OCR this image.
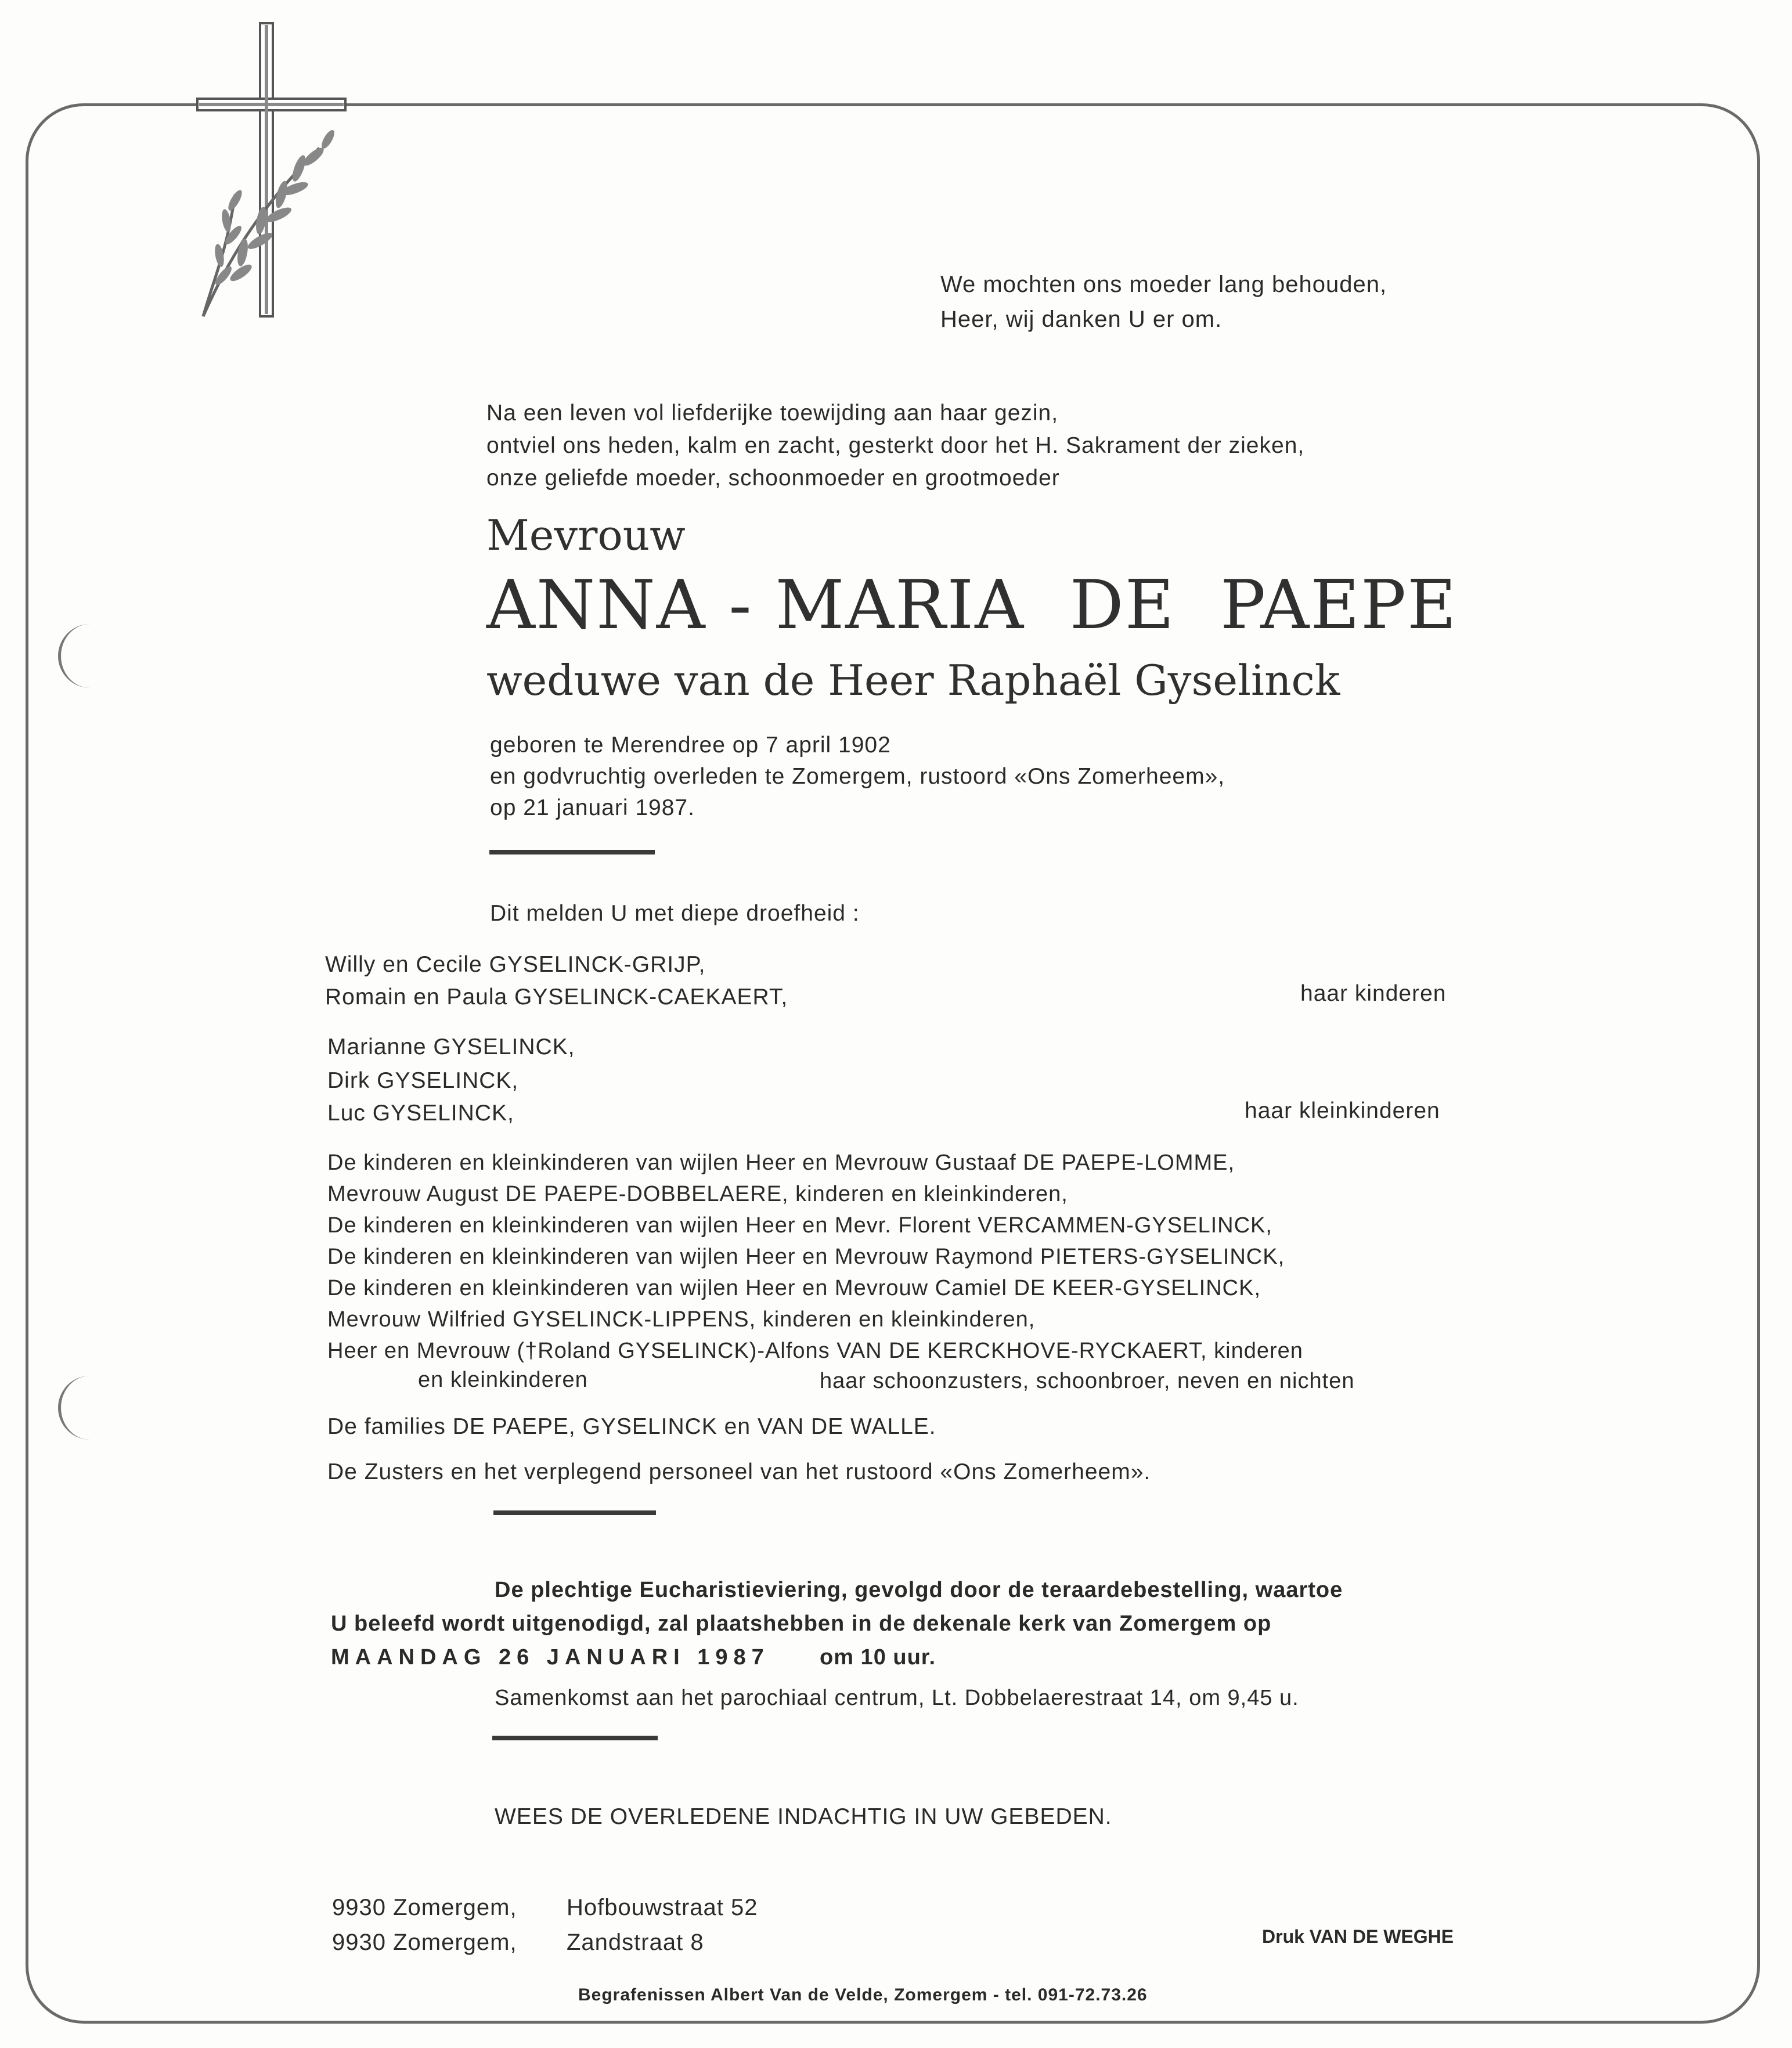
We mochten ons moeder lang behouden,
Heer, wij danken U er om.
Na een leven vol liefderijke toewijding aan haar gezin,
ontviel ons heden, kalm en zacht, gesterkt door het H. Sakrament der zieken,
onze geliefde moeder, schoonmoeder en grootmoeder
Mevrouw
ANNA - MARIA  DE  PAEPE
weduwe van de Heer Raphaël Gyselinck
geboren te Merendree op 7 april 1902
en godvruchtig overleden te Zomergem, rustoord «Ons Zomerheem»,
op 21 januari 1987.
Dit melden U met diepe droefheid :
Willy en Cecile GYSELINCK-GRIJP,
Romain en Paula GYSELINCK-CAEKAERT,	haar kinderen
Marianne GYSELINCK,
Dirk GYSELINCK,
Luc GYSELINCK,	haar kleinkinderen
De kinderen en kleinkinderen van wijlen Heer en Mevrouw Gustaaf DE PAEPE-LOMME,
Mevrouw August DE PAEPE-DOBBELAERE, kinderen en kleinkinderen,
De kinderen en kleinkinderen van wijlen Heer en Mevr. Florent VERCAMMEN-GYSELINCK,
De kinderen en kleinkinderen van wijlen Heer en Mevrouw Raymond PIETERS-GYSELINCK,
De kinderen en kleinkinderen van wijlen Heer en Mevrouw Camiel DE KEER-GYSELINCK,
Mevrouw Wilfried GYSELINCK-LIPPENS, kinderen en kleinkinderen,
Heer en Mevrouw (†Roland GYSELINCK)-Alfons VAN DE KERCKHOVE-RYCKAERT, kinderen
en kleinkinderen	haar schoonzusters, schoonbroer, neven en nichten
De families DE PAEPE, GYSELINCK en VAN DE WALLE.
De Zusters en het verplegend personeel van het rustoord «Ons Zomerheem».
De plechtige Eucharistieviering, gevolgd door de teraardebestelling, waartoe
U beleefd wordt uitgenodigd, zal plaatshebben in de dekenale kerk van Zomergem op
MAANDAG 26 JANUARI 1987 om 10 uur.
Samenkomst aan het parochiaal centrum, Lt. Dobbelaerestraat 14, om 9,45 u.
WEES DE OVERLEDENE INDACHTIG IN UW GEBEDEN.
9930 Zomergem, Hofbouwstraat 52
9930 Zomergem, Zandstraat 8	Druk VAN DE WEGHE
Begrafenissen Albert Van de Velde, Zomergem - tel. 091-72.73.26
